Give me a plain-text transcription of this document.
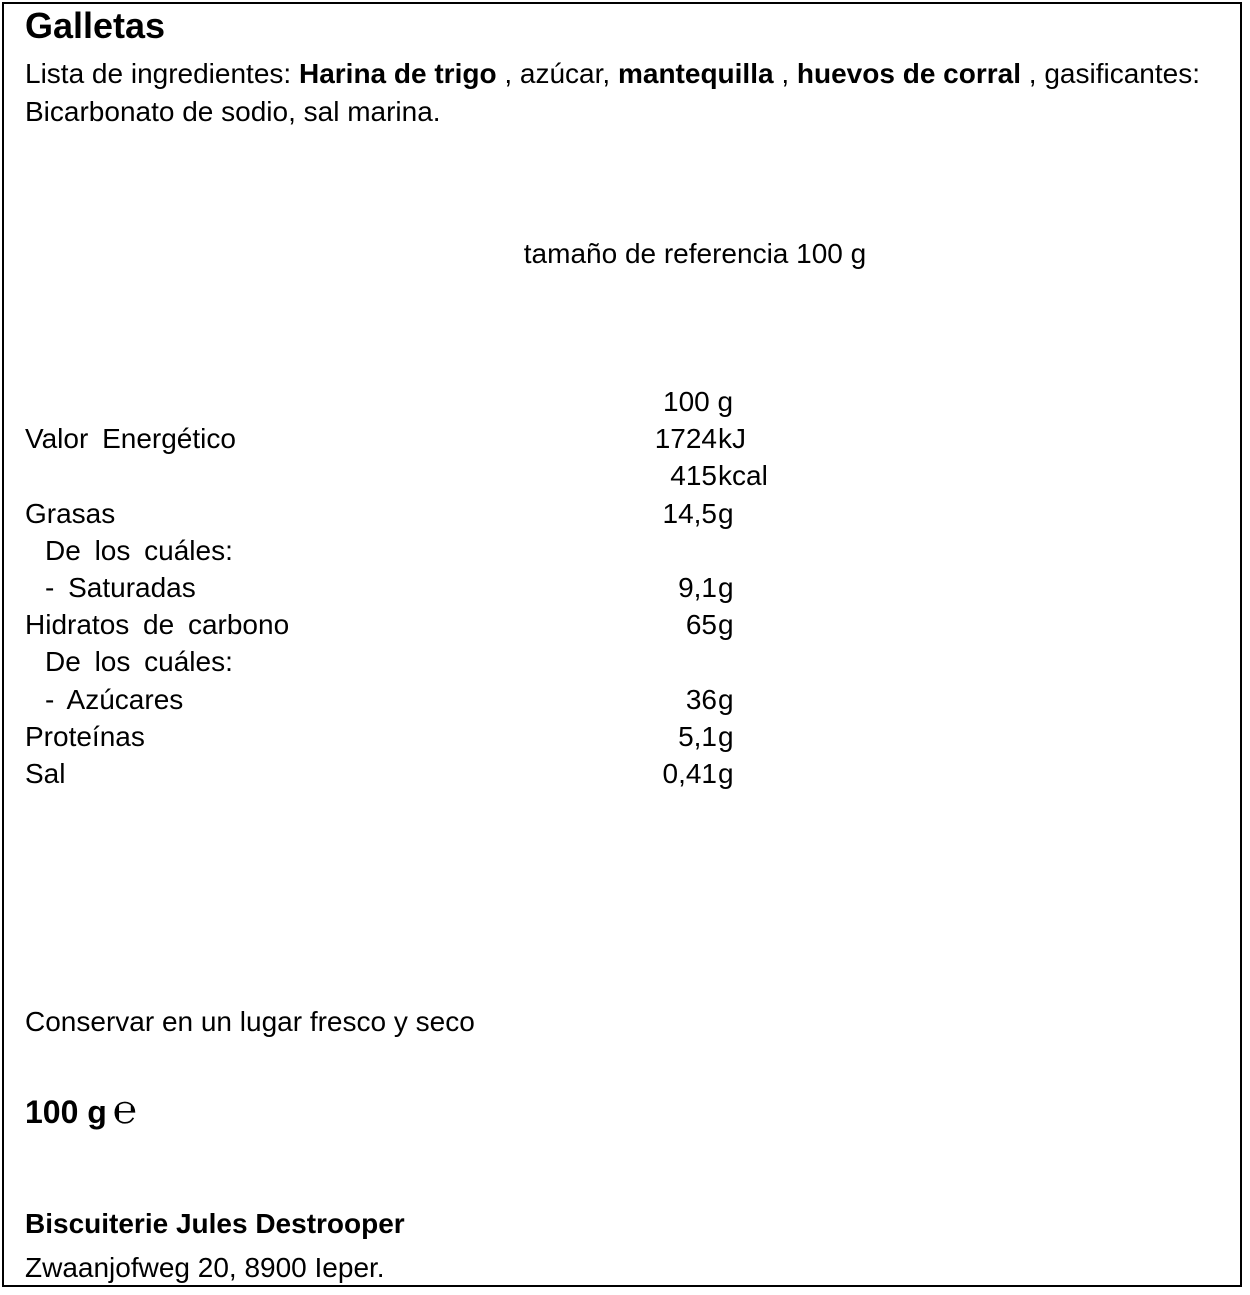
Galletas
Lista de ingredientes: Harina de trigo , azúcar, mantequilla , huevos de corral , gasificantes: Bicarbonato de sodio, sal marina.
tamaño de referencia 100 g
100 g
Valor Energético	1724 kJ
415 kcal
Grasas	14,5 g
De los cuáles:
- Saturadas	9,1 g
Hidratos de carbono	65 g
De los cuáles:
- Azúcares	36 g
Proteínas	5,1 g
Sal	0,41 g
Conservar en un lugar fresco y seco
100 g ℮
Biscuiterie Jules Destrooper
Zwaanjofweg 20, 8900 Ieper.
